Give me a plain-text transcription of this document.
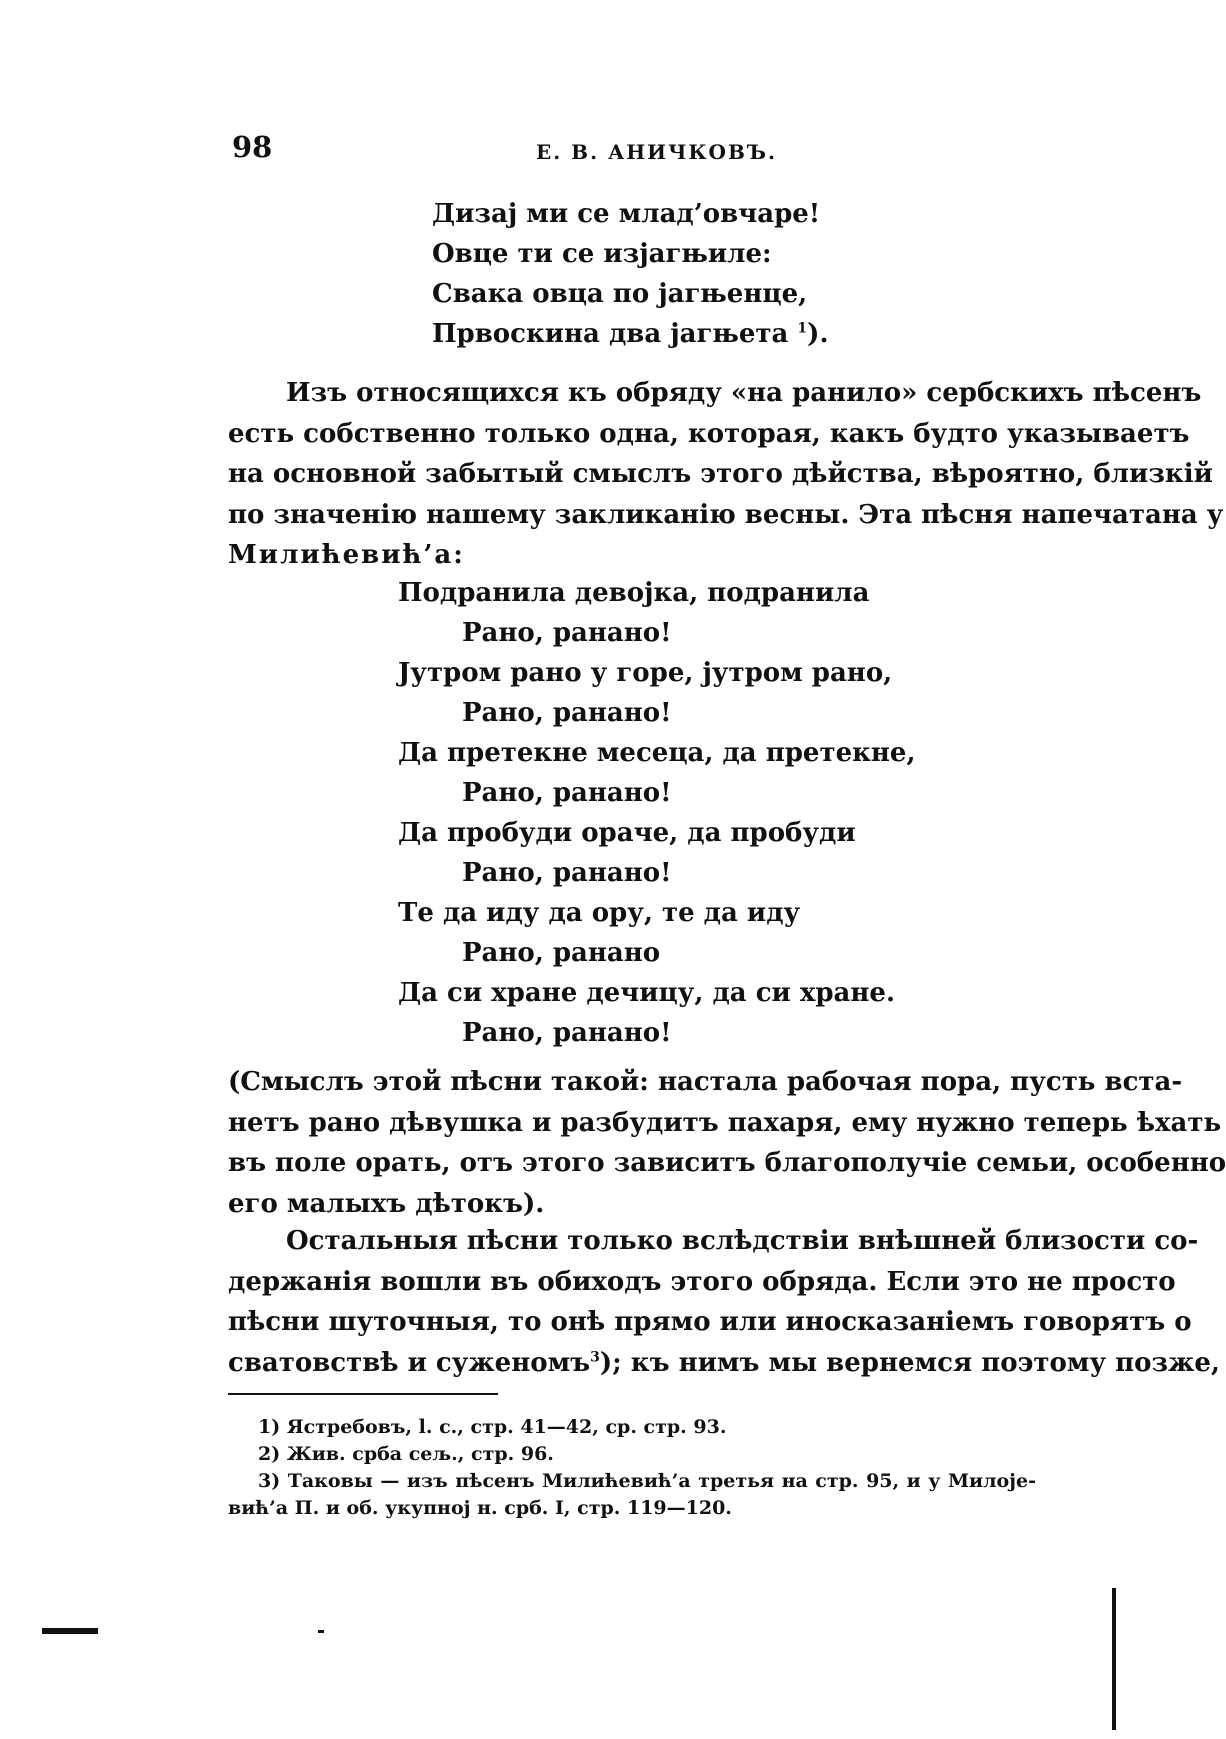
98	Е. В. АНИЧКОВЪ.
Дизај ми се млад’овчаре!
Овце ти се изјагњиле:
Свака овца по јагњенце,
Првоскина два јагњета $^1$).
Изъ относящихся къ обряду «на ранило» сербскихъ пѣсенъ
есть собственно только одна, которая, какъ будто указываетъ
на основной забытый смыслъ этого дѣйства, вѣроятно, близкій
по значенію нашему закликанію весны. Эта пѣсня напечатана у
Милићевић’а:
Подранила девојка, подранила
Рано, ранано!
Јутром рано у горе, јутром рано,
Рано, ранано!
Да претекне месеца, да претекне,
Рано, ранано!
Да пробуди ораче, да пробуди
Рано, ранано!
Те да иду да ору, те да иду
Рано, ранано
Да си хране дечицу, да си хране.
Рано, ранано!
(Смыслъ этой пѣсни такой: настала рабочая пора, пусть вста-
нетъ рано дѣвушка и разбудитъ пахаря, ему нужно теперь ѣхать
въ поле орать, отъ этого зависитъ благополучіе семьи, особенно
его малыхъ дѣтокъ).
Остальныя пѣсни только вслѣдствіи внѣшней близости со-
держанія вошли въ обиходъ этого обряда. Если это не просто
пѣсни шуточныя, то онѣ прямо или иносказаніемъ говорятъ о
сватовствѣ и суженомъ$^3$); къ нимъ мы вернемся поэтому позже,
1) Ястребовъ, l. c., стр. 41—42, ср. стр. 93.
2) Жив. срба сељ., стр. 96.
3) Таковы — изъ пѣсенъ Милићевић’а третья на стр. 95, и у Милоје-
вић’а П. и об. укупној н. срб. I, стр. 119—120.
